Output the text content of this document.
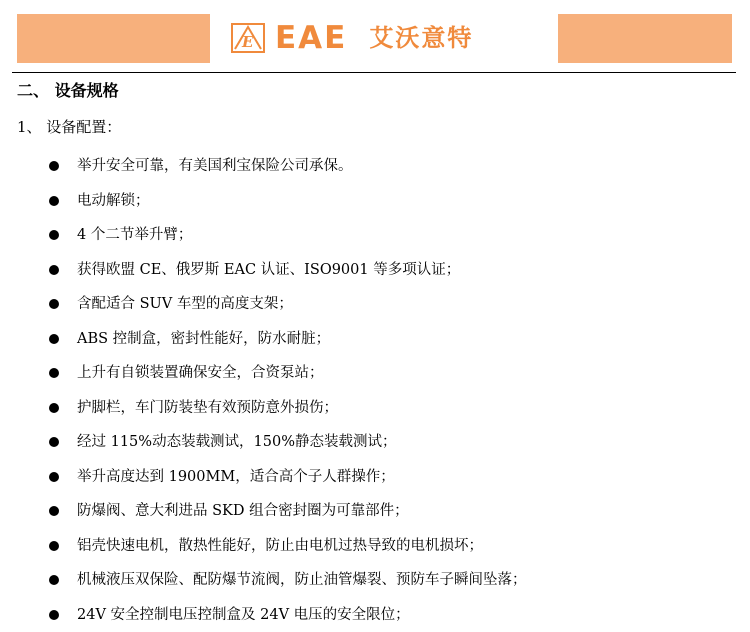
E EAE 艾沃意特
二、 设备规格
1、 设备配置：
举升安全可靠，有美国利宝保险公司承保。
电动解锁；
4 个二节举升臂；
获得欧盟 CE、俄罗斯 EAC 认证、ISO9001 等多项认证；
含配适合 SUV 车型的高度支架；
ABS 控制盒，密封性能好，防水耐脏；
上升有自锁装置确保安全，合资泵站；
护脚栏，车门防装垫有效预防意外损伤；
经过 115%动态装载测试，150%静态装载测试；
举升高度达到 1900MM，适合高个子人群操作；
防爆阀、意大利进品 SKD 组合密封圈为可靠部件；
铝壳快速电机，散热性能好，防止由电机过热导致的电机损坏；
机械液压双保险、配防爆节流阀，防止油管爆裂、预防车子瞬间坠落；
24V 安全控制电压控制盒及 24V 电压的安全限位；
